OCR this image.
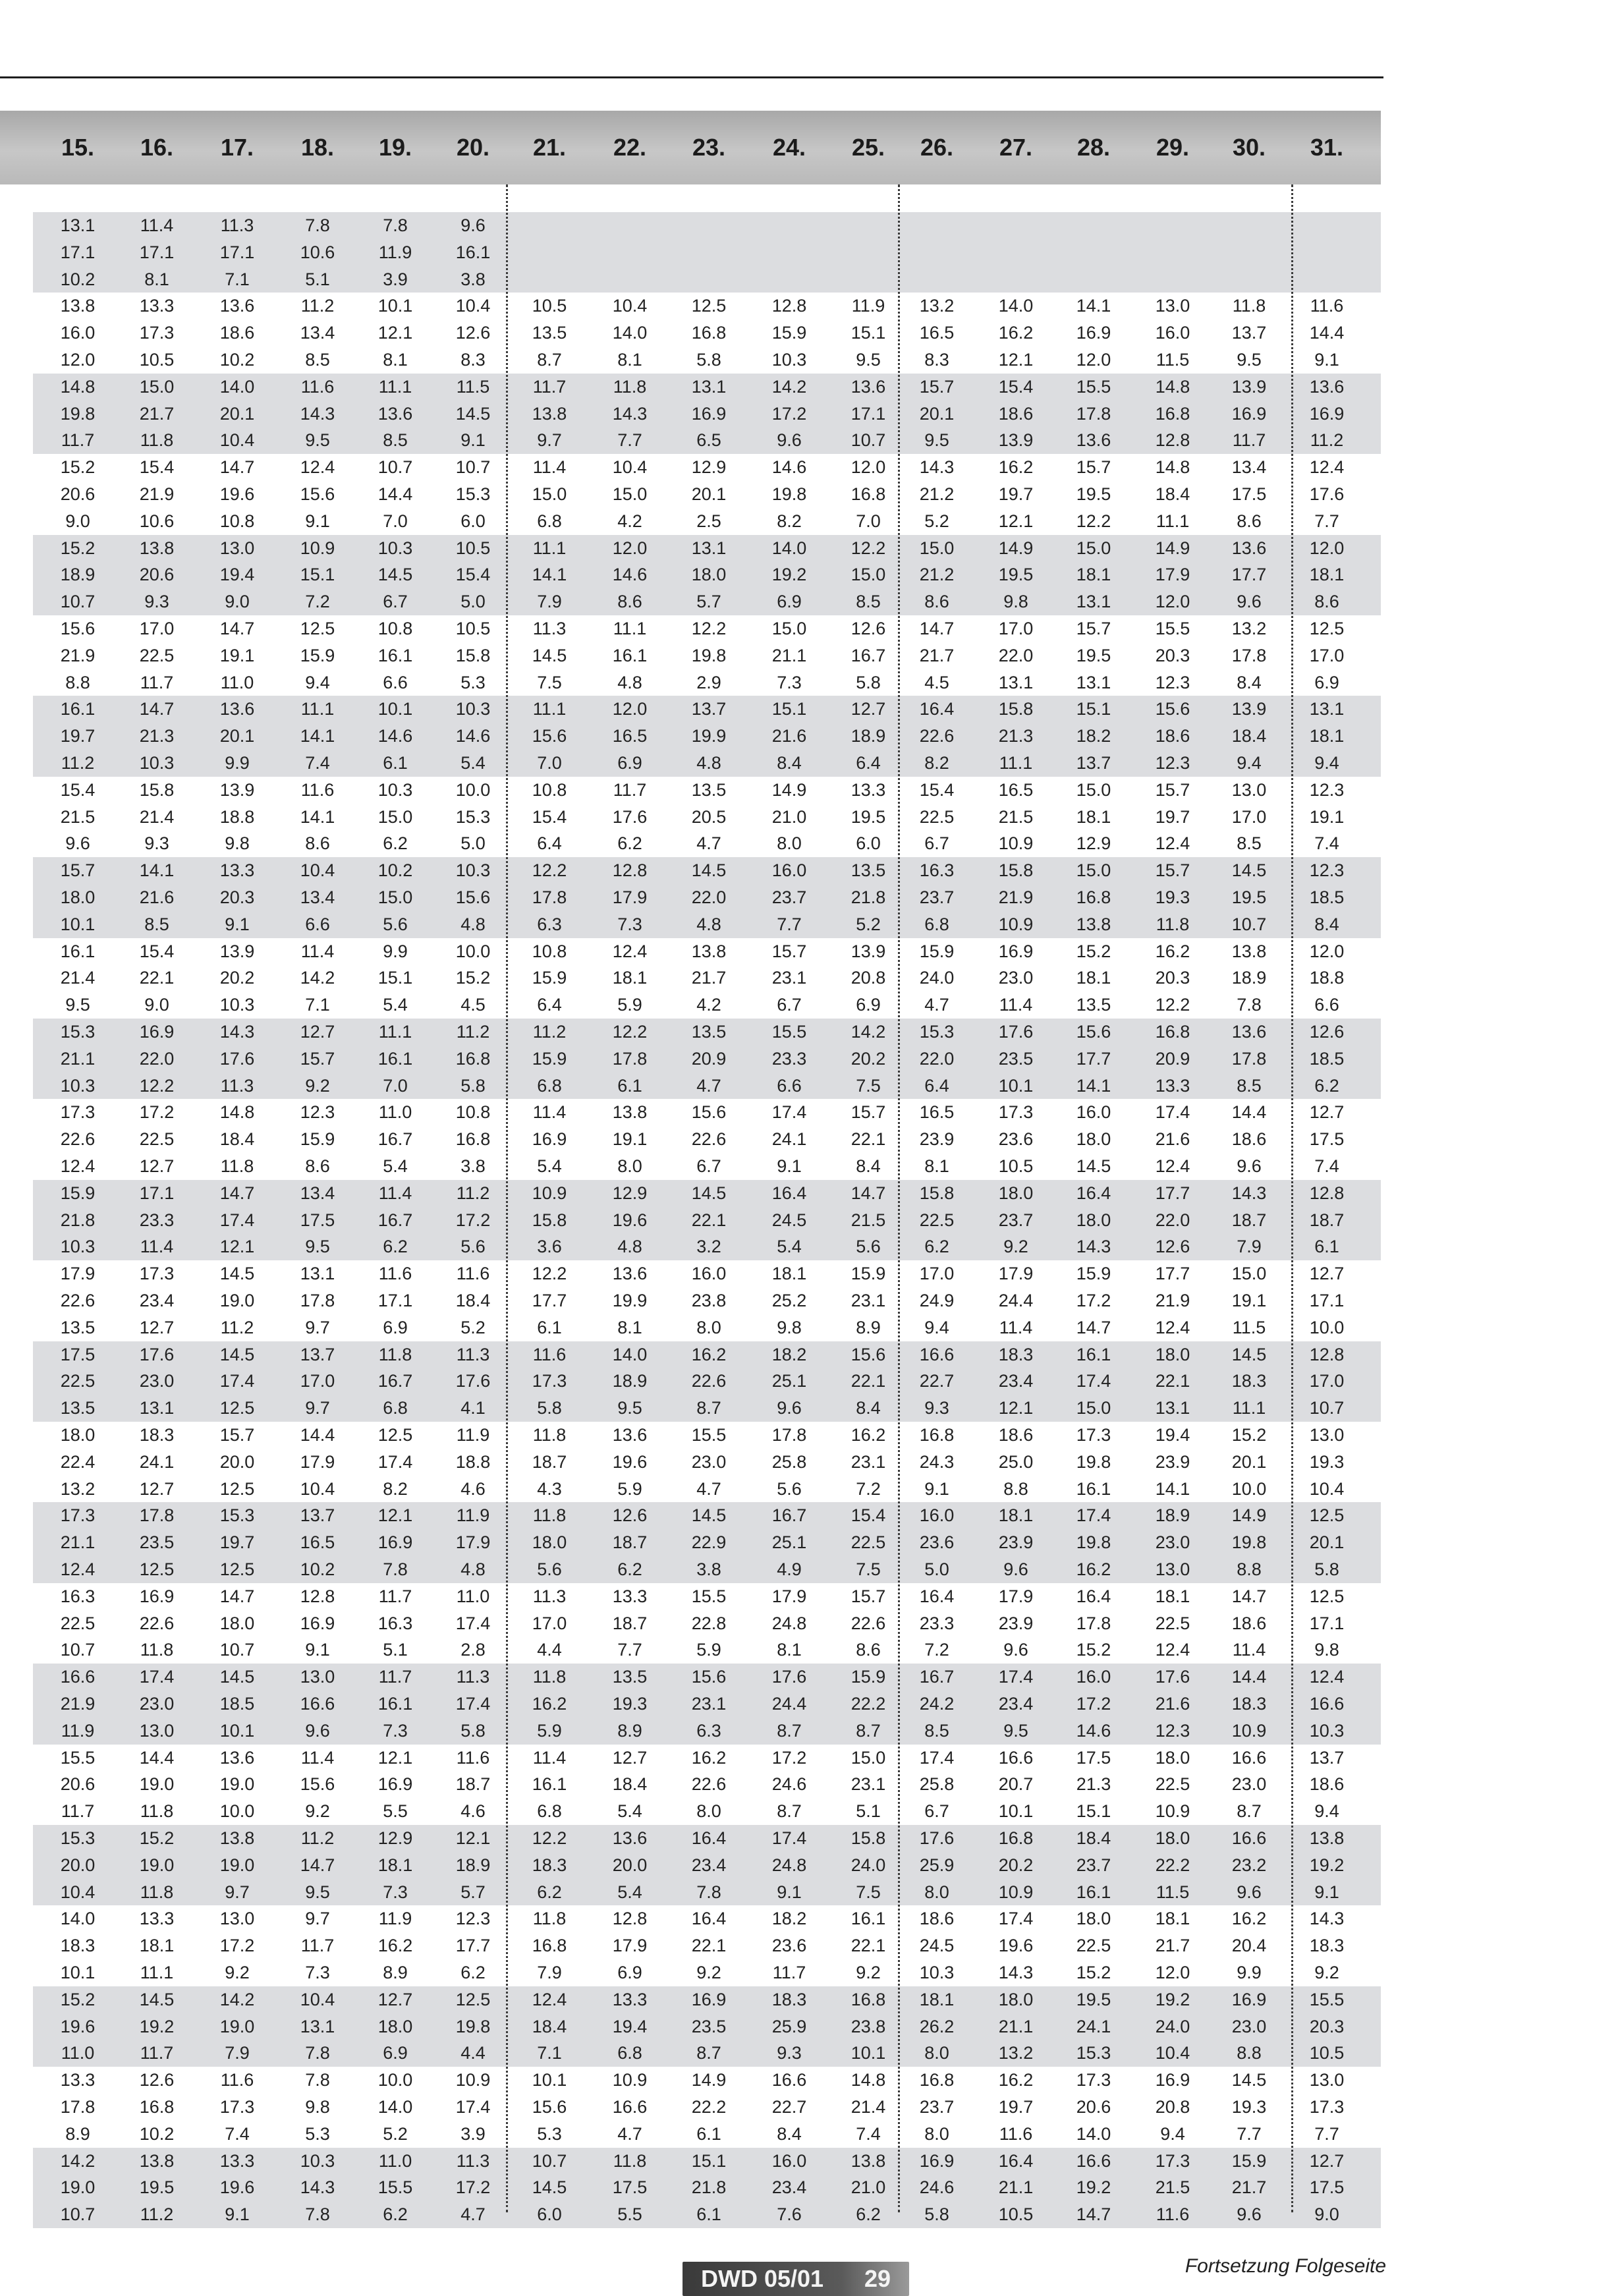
15. 16. 17. 18. 19. 20. 21. 22. 23. 24. 25. 26. 27. 28. 29. 30. 31.
13.1	11.4	11.3	7.8	7.8	9.6
17.1	17.1	17.1	10.6	11.9	16.1
10.2	8.1	7.1	5.1	3.9	3.8
13.8	13.3	13.6	11.2	10.1	10.4	10.5	10.4	12.5	12.8	11.9	13.2	14.0	14.1	13.0	11.8	11.6
16.0	17.3	18.6	13.4	12.1	12.6	13.5	14.0	16.8	15.9	15.1	16.5	16.2	16.9	16.0	13.7	14.4
12.0	10.5	10.2	8.5	8.1	8.3	8.7	8.1	5.8	10.3	9.5	8.3	12.1	12.0	11.5	9.5	9.1
14.8	15.0	14.0	11.6	11.1	11.5	11.7	11.8	13.1	14.2	13.6	15.7	15.4	15.5	14.8	13.9	13.6
19.8	21.7	20.1	14.3	13.6	14.5	13.8	14.3	16.9	17.2	17.1	20.1	18.6	17.8	16.8	16.9	16.9
11.7	11.8	10.4	9.5	8.5	9.1	9.7	7.7	6.5	9.6	10.7	9.5	13.9	13.6	12.8	11.7	11.2
15.2	15.4	14.7	12.4	10.7	10.7	11.4	10.4	12.9	14.6	12.0	14.3	16.2	15.7	14.8	13.4	12.4
20.6	21.9	19.6	15.6	14.4	15.3	15.0	15.0	20.1	19.8	16.8	21.2	19.7	19.5	18.4	17.5	17.6
9.0	10.6	10.8	9.1	7.0	6.0	6.8	4.2	2.5	8.2	7.0	5.2	12.1	12.2	11.1	8.6	7.7
15.2	13.8	13.0	10.9	10.3	10.5	11.1	12.0	13.1	14.0	12.2	15.0	14.9	15.0	14.9	13.6	12.0
18.9	20.6	19.4	15.1	14.5	15.4	14.1	14.6	18.0	19.2	15.0	21.2	19.5	18.1	17.9	17.7	18.1
10.7	9.3	9.0	7.2	6.7	5.0	7.9	8.6	5.7	6.9	8.5	8.6	9.8	13.1	12.0	9.6	8.6
15.6	17.0	14.7	12.5	10.8	10.5	11.3	11.1	12.2	15.0	12.6	14.7	17.0	15.7	15.5	13.2	12.5
21.9	22.5	19.1	15.9	16.1	15.8	14.5	16.1	19.8	21.1	16.7	21.7	22.0	19.5	20.3	17.8	17.0
8.8	11.7	11.0	9.4	6.6	5.3	7.5	4.8	2.9	7.3	5.8	4.5	13.1	13.1	12.3	8.4	6.9
16.1	14.7	13.6	11.1	10.1	10.3	11.1	12.0	13.7	15.1	12.7	16.4	15.8	15.1	15.6	13.9	13.1
19.7	21.3	20.1	14.1	14.6	14.6	15.6	16.5	19.9	21.6	18.9	22.6	21.3	18.2	18.6	18.4	18.1
11.2	10.3	9.9	7.4	6.1	5.4	7.0	6.9	4.8	8.4	6.4	8.2	11.1	13.7	12.3	9.4	9.4
15.4	15.8	13.9	11.6	10.3	10.0	10.8	11.7	13.5	14.9	13.3	15.4	16.5	15.0	15.7	13.0	12.3
21.5	21.4	18.8	14.1	15.0	15.3	15.4	17.6	20.5	21.0	19.5	22.5	21.5	18.1	19.7	17.0	19.1
9.6	9.3	9.8	8.6	6.2	5.0	6.4	6.2	4.7	8.0	6.0	6.7	10.9	12.9	12.4	8.5	7.4
15.7	14.1	13.3	10.4	10.2	10.3	12.2	12.8	14.5	16.0	13.5	16.3	15.8	15.0	15.7	14.5	12.3
18.0	21.6	20.3	13.4	15.0	15.6	17.8	17.9	22.0	23.7	21.8	23.7	21.9	16.8	19.3	19.5	18.5
10.1	8.5	9.1	6.6	5.6	4.8	6.3	7.3	4.8	7.7	5.2	6.8	10.9	13.8	11.8	10.7	8.4
16.1	15.4	13.9	11.4	9.9	10.0	10.8	12.4	13.8	15.7	13.9	15.9	16.9	15.2	16.2	13.8	12.0
21.4	22.1	20.2	14.2	15.1	15.2	15.9	18.1	21.7	23.1	20.8	24.0	23.0	18.1	20.3	18.9	18.8
9.5	9.0	10.3	7.1	5.4	4.5	6.4	5.9	4.2	6.7	6.9	4.7	11.4	13.5	12.2	7.8	6.6
15.3	16.9	14.3	12.7	11.1	11.2	11.2	12.2	13.5	15.5	14.2	15.3	17.6	15.6	16.8	13.6	12.6
21.1	22.0	17.6	15.7	16.1	16.8	15.9	17.8	20.9	23.3	20.2	22.0	23.5	17.7	20.9	17.8	18.5
10.3	12.2	11.3	9.2	7.0	5.8	6.8	6.1	4.7	6.6	7.5	6.4	10.1	14.1	13.3	8.5	6.2
17.3	17.2	14.8	12.3	11.0	10.8	11.4	13.8	15.6	17.4	15.7	16.5	17.3	16.0	17.4	14.4	12.7
22.6	22.5	18.4	15.9	16.7	16.8	16.9	19.1	22.6	24.1	22.1	23.9	23.6	18.0	21.6	18.6	17.5
12.4	12.7	11.8	8.6	5.4	3.8	5.4	8.0	6.7	9.1	8.4	8.1	10.5	14.5	12.4	9.6	7.4
15.9	17.1	14.7	13.4	11.4	11.2	10.9	12.9	14.5	16.4	14.7	15.8	18.0	16.4	17.7	14.3	12.8
21.8	23.3	17.4	17.5	16.7	17.2	15.8	19.6	22.1	24.5	21.5	22.5	23.7	18.0	22.0	18.7	18.7
10.3	11.4	12.1	9.5	6.2	5.6	3.6	4.8	3.2	5.4	5.6	6.2	9.2	14.3	12.6	7.9	6.1
17.9	17.3	14.5	13.1	11.6	11.6	12.2	13.6	16.0	18.1	15.9	17.0	17.9	15.9	17.7	15.0	12.7
22.6	23.4	19.0	17.8	17.1	18.4	17.7	19.9	23.8	25.2	23.1	24.9	24.4	17.2	21.9	19.1	17.1
13.5	12.7	11.2	9.7	6.9	5.2	6.1	8.1	8.0	9.8	8.9	9.4	11.4	14.7	12.4	11.5	10.0
17.5	17.6	14.5	13.7	11.8	11.3	11.6	14.0	16.2	18.2	15.6	16.6	18.3	16.1	18.0	14.5	12.8
22.5	23.0	17.4	17.0	16.7	17.6	17.3	18.9	22.6	25.1	22.1	22.7	23.4	17.4	22.1	18.3	17.0
13.5	13.1	12.5	9.7	6.8	4.1	5.8	9.5	8.7	9.6	8.4	9.3	12.1	15.0	13.1	11.1	10.7
18.0	18.3	15.7	14.4	12.5	11.9	11.8	13.6	15.5	17.8	16.2	16.8	18.6	17.3	19.4	15.2	13.0
22.4	24.1	20.0	17.9	17.4	18.8	18.7	19.6	23.0	25.8	23.1	24.3	25.0	19.8	23.9	20.1	19.3
13.2	12.7	12.5	10.4	8.2	4.6	4.3	5.9	4.7	5.6	7.2	9.1	8.8	16.1	14.1	10.0	10.4
17.3	17.8	15.3	13.7	12.1	11.9	11.8	12.6	14.5	16.7	15.4	16.0	18.1	17.4	18.9	14.9	12.5
21.1	23.5	19.7	16.5	16.9	17.9	18.0	18.7	22.9	25.1	22.5	23.6	23.9	19.8	23.0	19.8	20.1
12.4	12.5	12.5	10.2	7.8	4.8	5.6	6.2	3.8	4.9	7.5	5.0	9.6	16.2	13.0	8.8	5.8
16.3	16.9	14.7	12.8	11.7	11.0	11.3	13.3	15.5	17.9	15.7	16.4	17.9	16.4	18.1	14.7	12.5
22.5	22.6	18.0	16.9	16.3	17.4	17.0	18.7	22.8	24.8	22.6	23.3	23.9	17.8	22.5	18.6	17.1
10.7	11.8	10.7	9.1	5.1	2.8	4.4	7.7	5.9	8.1	8.6	7.2	9.6	15.2	12.4	11.4	9.8
16.6	17.4	14.5	13.0	11.7	11.3	11.8	13.5	15.6	17.6	15.9	16.7	17.4	16.0	17.6	14.4	12.4
21.9	23.0	18.5	16.6	16.1	17.4	16.2	19.3	23.1	24.4	22.2	24.2	23.4	17.2	21.6	18.3	16.6
11.9	13.0	10.1	9.6	7.3	5.8	5.9	8.9	6.3	8.7	8.7	8.5	9.5	14.6	12.3	10.9	10.3
15.5	14.4	13.6	11.4	12.1	11.6	11.4	12.7	16.2	17.2	15.0	17.4	16.6	17.5	18.0	16.6	13.7
20.6	19.0	19.0	15.6	16.9	18.7	16.1	18.4	22.6	24.6	23.1	25.8	20.7	21.3	22.5	23.0	18.6
11.7	11.8	10.0	9.2	5.5	4.6	6.8	5.4	8.0	8.7	5.1	6.7	10.1	15.1	10.9	8.7	9.4
15.3	15.2	13.8	11.2	12.9	12.1	12.2	13.6	16.4	17.4	15.8	17.6	16.8	18.4	18.0	16.6	13.8
20.0	19.0	19.0	14.7	18.1	18.9	18.3	20.0	23.4	24.8	24.0	25.9	20.2	23.7	22.2	23.2	19.2
10.4	11.8	9.7	9.5	7.3	5.7	6.2	5.4	7.8	9.1	7.5	8.0	10.9	16.1	11.5	9.6	9.1
14.0	13.3	13.0	9.7	11.9	12.3	11.8	12.8	16.4	18.2	16.1	18.6	17.4	18.0	18.1	16.2	14.3
18.3	18.1	17.2	11.7	16.2	17.7	16.8	17.9	22.1	23.6	22.1	24.5	19.6	22.5	21.7	20.4	18.3
10.1	11.1	9.2	7.3	8.9	6.2	7.9	6.9	9.2	11.7	9.2	10.3	14.3	15.2	12.0	9.9	9.2
15.2	14.5	14.2	10.4	12.7	12.5	12.4	13.3	16.9	18.3	16.8	18.1	18.0	19.5	19.2	16.9	15.5
19.6	19.2	19.0	13.1	18.0	19.8	18.4	19.4	23.5	25.9	23.8	26.2	21.1	24.1	24.0	23.0	20.3
11.0	11.7	7.9	7.8	6.9	4.4	7.1	6.8	8.7	9.3	10.1	8.0	13.2	15.3	10.4	8.8	10.5
13.3	12.6	11.6	7.8	10.0	10.9	10.1	10.9	14.9	16.6	14.8	16.8	16.2	17.3	16.9	14.5	13.0
17.8	16.8	17.3	9.8	14.0	17.4	15.6	16.6	22.2	22.7	21.4	23.7	19.7	20.6	20.8	19.3	17.3
8.9	10.2	7.4	5.3	5.2	3.9	5.3	4.7	6.1	8.4	7.4	8.0	11.6	14.0	9.4	7.7	7.7
14.2	13.8	13.3	10.3	11.0	11.3	10.7	11.8	15.1	16.0	13.8	16.9	16.4	16.6	17.3	15.9	12.7
19.0	19.5	19.6	14.3	15.5	17.2	14.5	17.5	21.8	23.4	21.0	24.6	21.1	19.2	21.5	21.7	17.5
10.7	11.2	9.1	7.8	6.2	4.7	6.0	5.5	6.1	7.6	6.2	5.8	10.5	14.7	11.6	9.6	9.0
Fortsetzung Folgeseite
DWD 05/01 29
